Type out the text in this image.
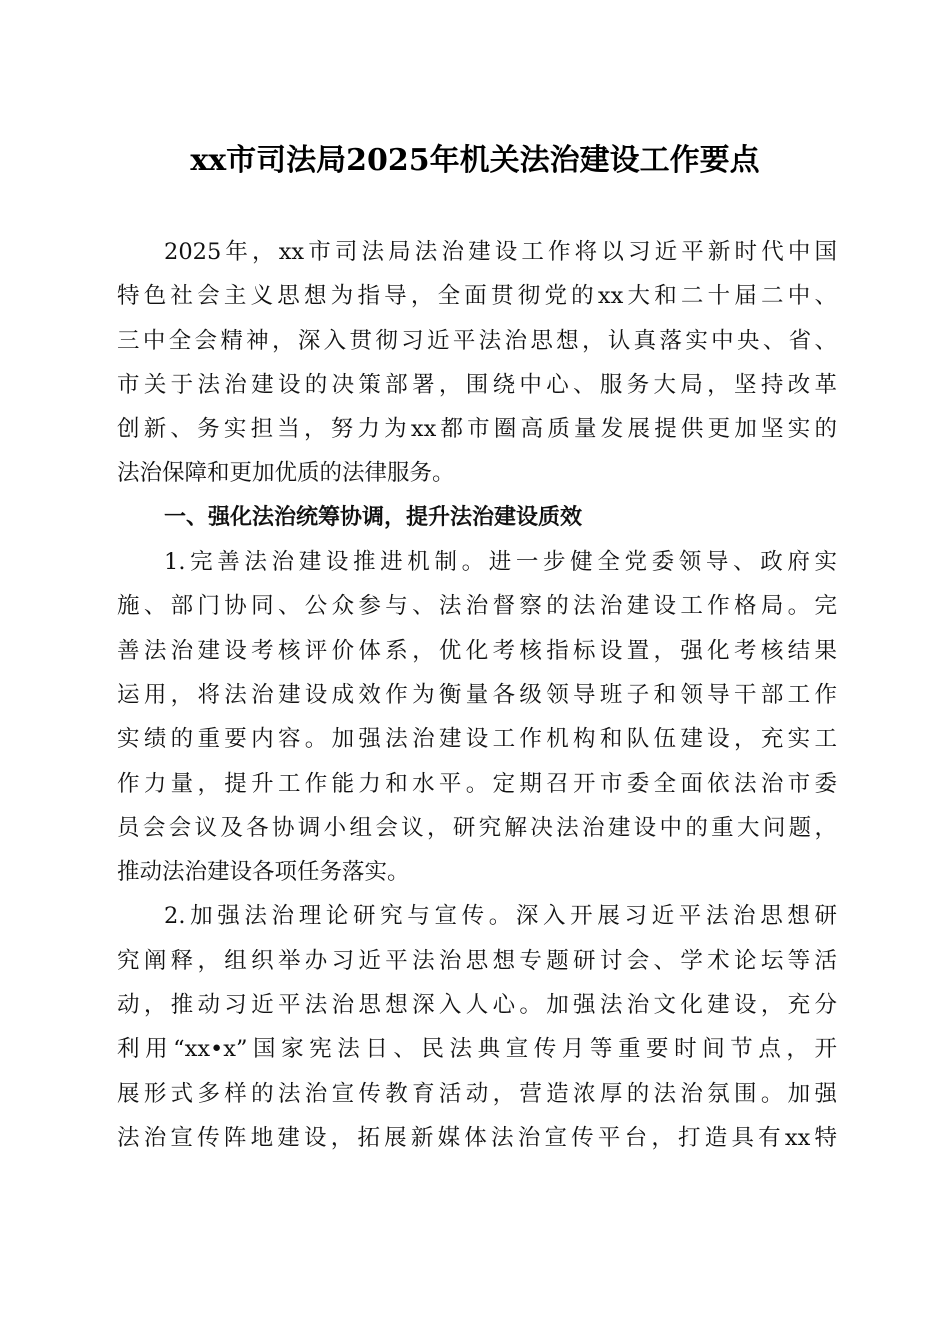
xx市司法局2025年机关法治建设工作要点
2025年，xx市司法局法治建设工作将以习近平新时代中国
特色社会主义思想为指导，全面贯彻党的xx大和二十届二中、
三中全会精神，深入贯彻习近平法治思想，认真落实中央、省、
市关于法治建设的决策部署，围绕中心、服务大局，坚持改革
创新、务实担当，努力为xx都市圈高质量发展提供更加坚实的
法治保障和更加优质的法律服务。
一、强化法治统筹协调，提升法治建设质效
1.完善法治建设推进机制。进一步健全党委领导、政府实
施、部门协同、公众参与、法治督察的法治建设工作格局。完
善法治建设考核评价体系，优化考核指标设置，强化考核结果
运用，将法治建设成效作为衡量各级领导班子和领导干部工作
实绩的重要内容。加强法治建设工作机构和队伍建设，充实工
作力量，提升工作能力和水平。定期召开市委全面依法治市委
员会会议及各协调小组会议，研究解决法治建设中的重大问题，
推动法治建设各项任务落实。
2.加强法治理论研究与宣传。深入开展习近平法治思想研
究阐释，组织举办习近平法治思想专题研讨会、学术论坛等活
动，推动习近平法治思想深入人心。加强法治文化建设，充分
利用“xx•x”国家宪法日、民法典宣传月等重要时间节点，开
展形式多样的法治宣传教育活动，营造浓厚的法治氛围。加强
法治宣传阵地建设，拓展新媒体法治宣传平台，打造具有xx特
